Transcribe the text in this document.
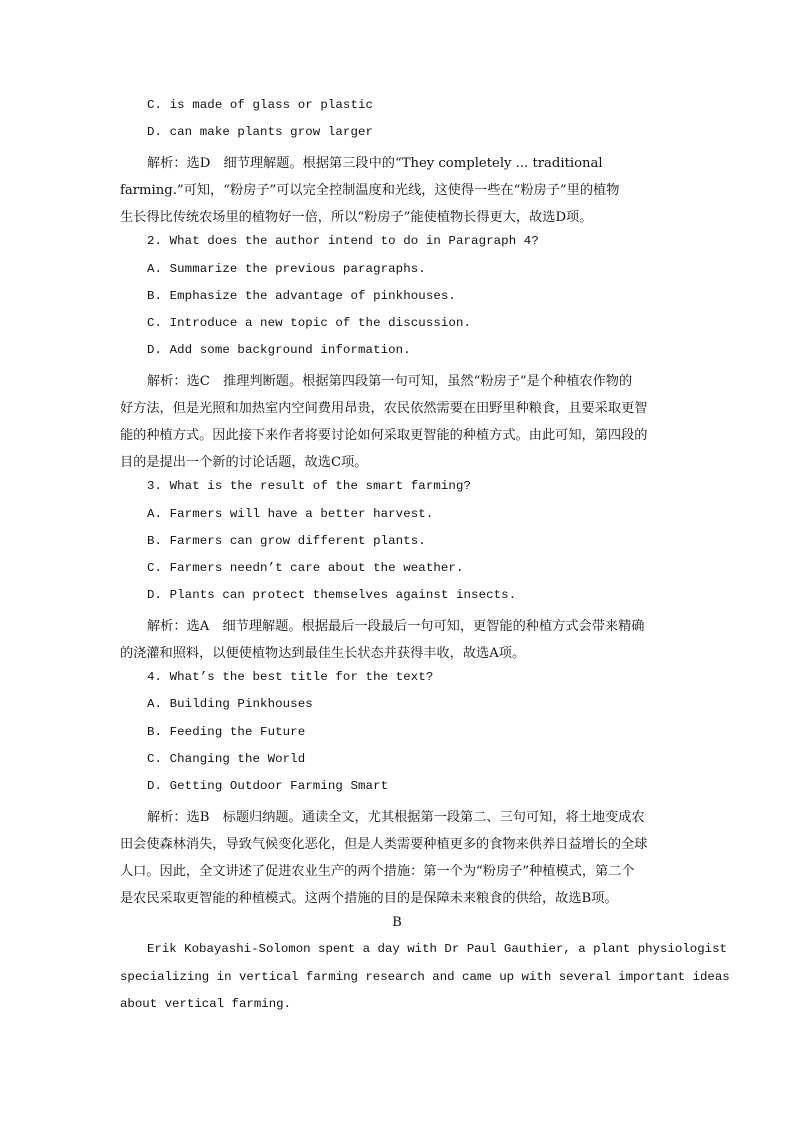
C. is made of glass or plastic
D. can make plants grow larger
解析：选D　细节理解题。根据第三段中的“They completely ... traditional
farming.”可知，“粉房子”可以完全控制温度和光线，这使得一些在“粉房子”里的植物
生长得比传统农场里的植物好一倍，所以“粉房子”能使植物长得更大，故选D项。
2. What does the author intend to do in Paragraph 4?
A. Summarize the previous paragraphs.
B. Emphasize the advantage of pinkhouses.
C. Introduce a new topic of the discussion.
D. Add some background information.
解析：选C　推理判断题。根据第四段第一句可知，虽然“粉房子”是个种植农作物的
好方法，但是光照和加热室内空间费用昂贵，农民依然需要在田野里种粮食，且要采取更智
能的种植方式。因此接下来作者将要讨论如何采取更智能的种植方式。由此可知，第四段的
目的是提出一个新的讨论话题，故选C项。
3. What is the result of the smart farming?
A. Farmers will have a better harvest.
B. Farmers can grow different plants.
C. Farmers needn’t care about the weather.
D. Plants can protect themselves against insects.
解析：选A　细节理解题。根据最后一段最后一句可知，更智能的种植方式会带来精确
的浇灌和照料，以便使植物达到最佳生长状态并获得丰收，故选A项。
4. What’s the best title for the text?
A. Building Pinkhouses
B. Feeding the Future
C. Changing the World
D. Getting Outdoor Farming Smart
解析：选B　标题归纳题。通读全文，尤其根据第一段第二、三句可知，将土地变成农
田会使森林消失，导致气候变化恶化，但是人类需要种植更多的食物来供养日益增长的全球
人口。因此，全文讲述了促进农业生产的两个措施：第一个为“粉房子”种植模式，第二个
是农民采取更智能的种植模式。这两个措施的目的是保障未来粮食的供给，故选B项。
B
Erik Kobayashi-Solomon spent a day with Dr Paul Gauthier, a plant physiologist
specializing in vertical farming research and came up with several important ideas
about vertical farming.
